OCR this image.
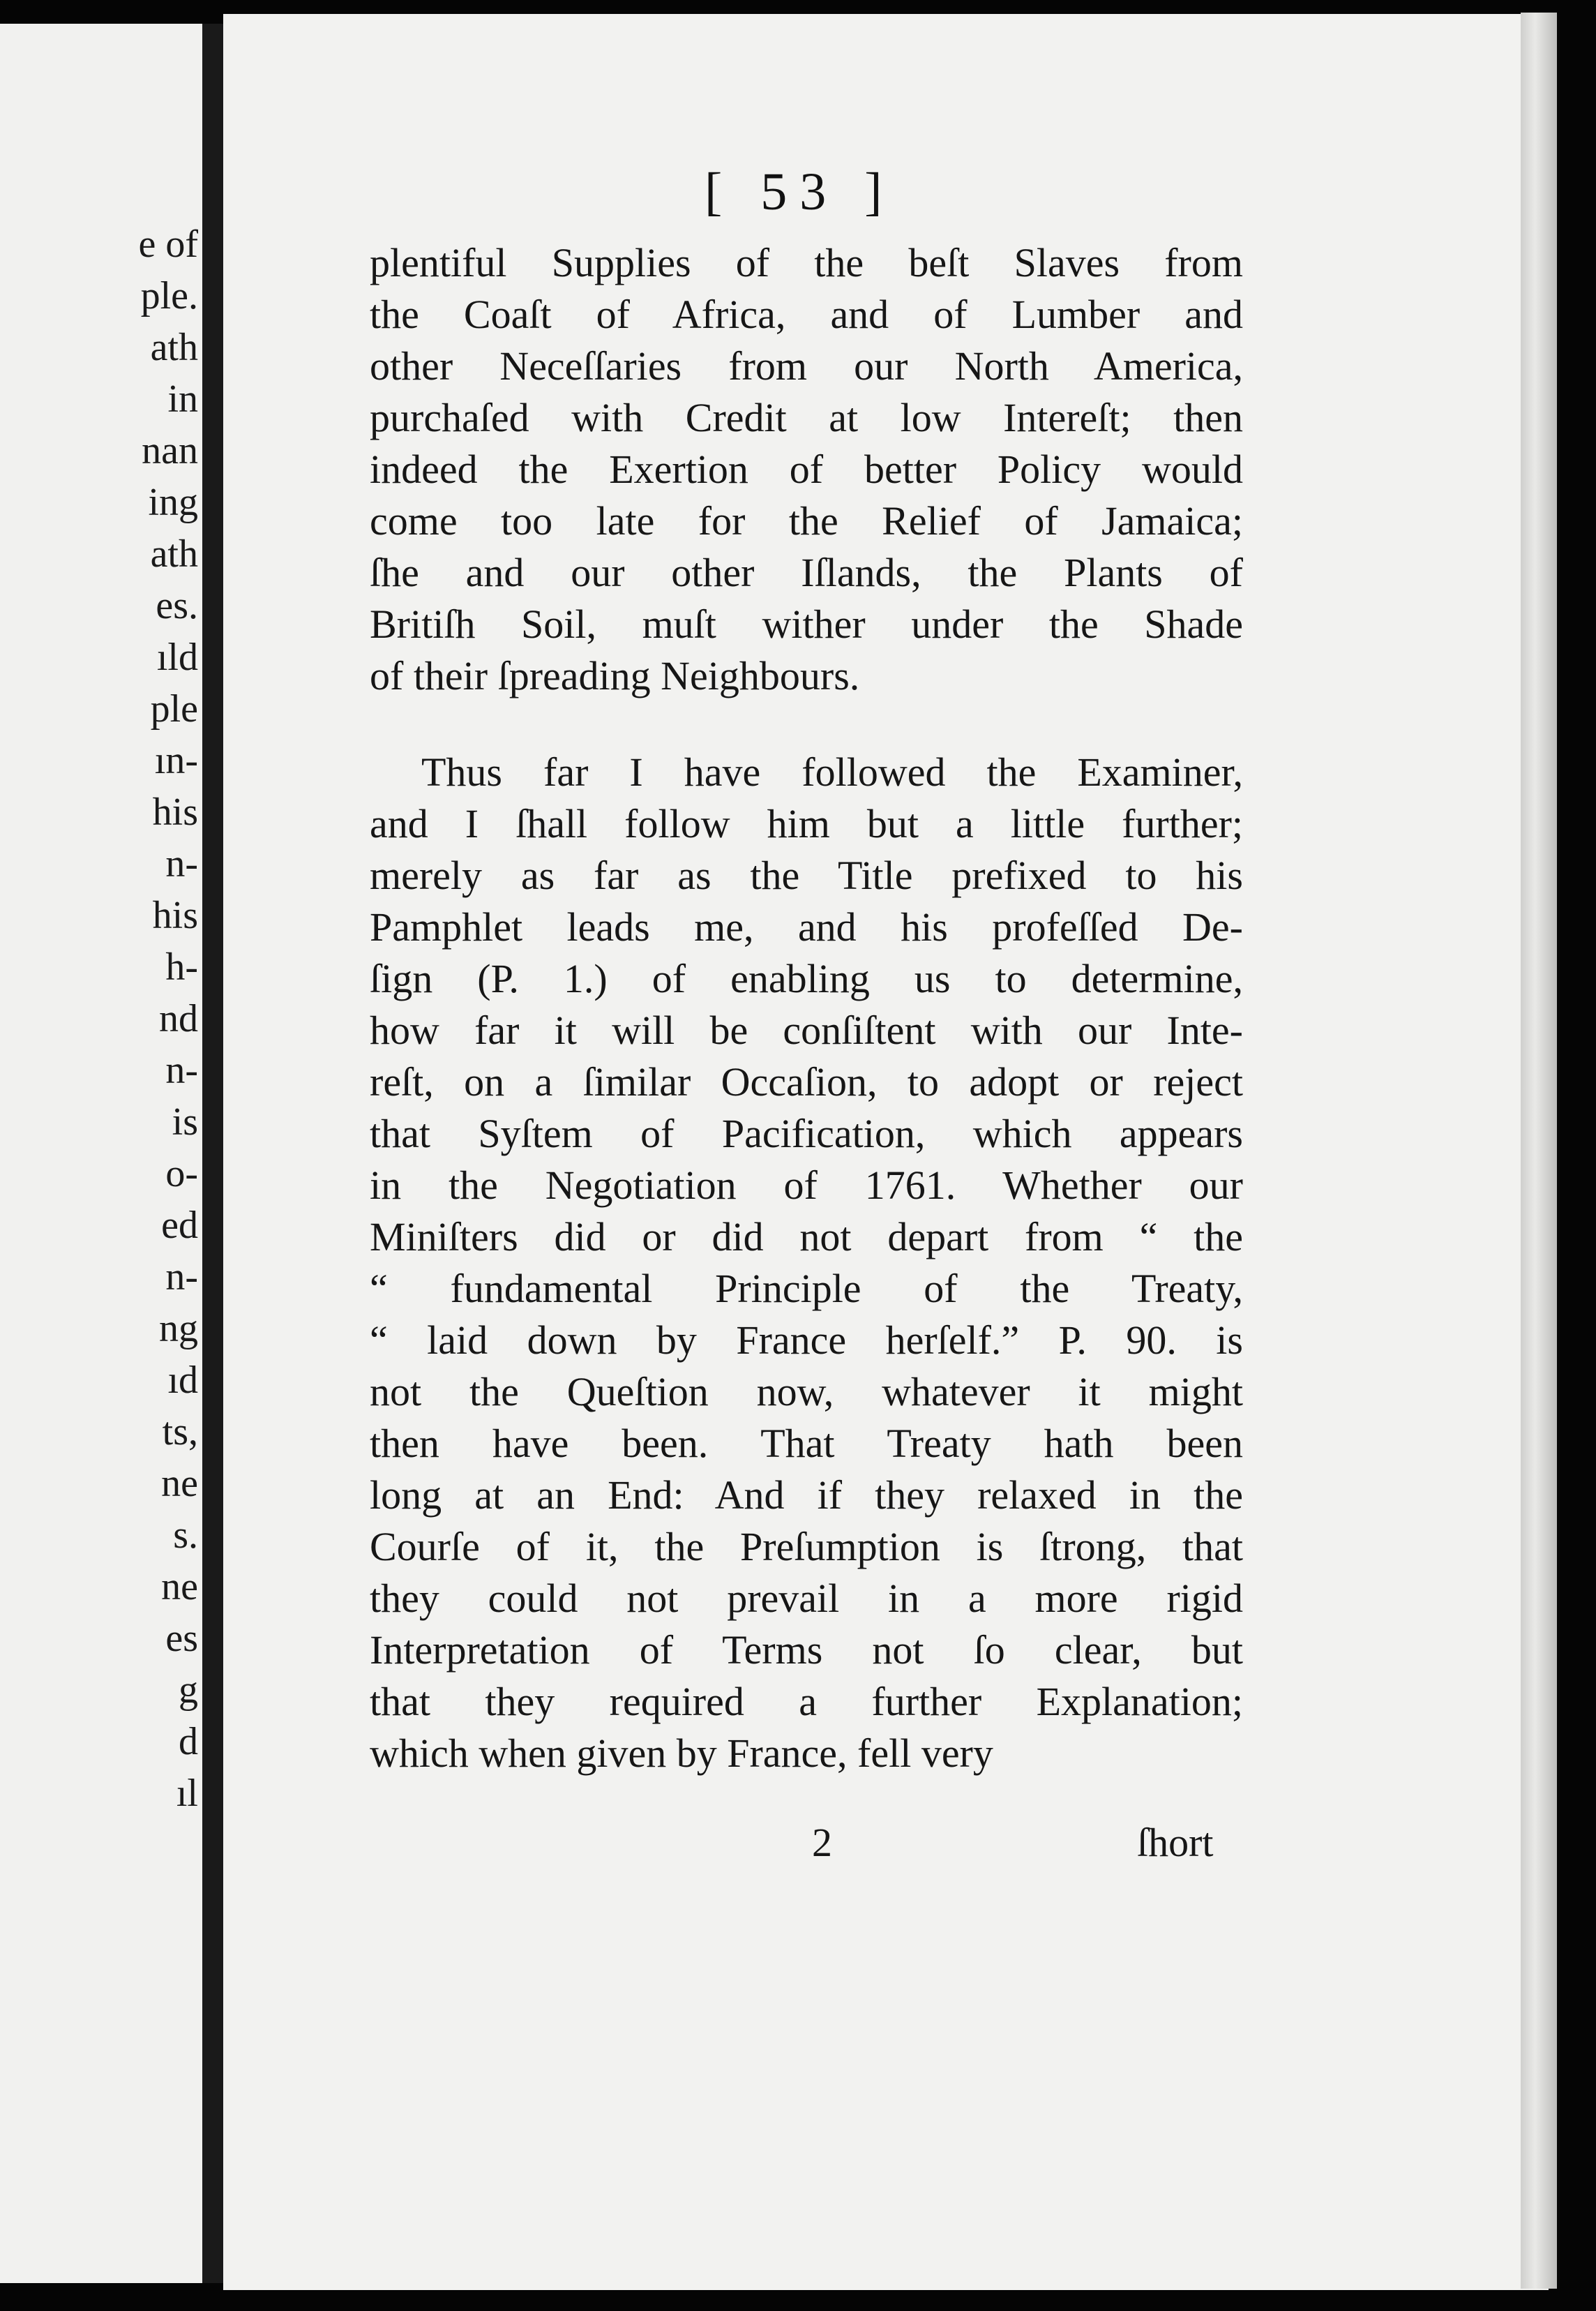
e of

ple.

ath

in

nan

ing

ath

es.

ıld

ple

ın-

his

n-

his

h-

nd

n-

is

o-

ed

n-

ng

ıd

ts,

ne

s.

ne

es

g

d

ıl

[ 53 ]

plentiful Supplies of the beſt Slaves from
the Coaſt of Africa, and of Lumber and
other Neceſſaries from our North America,
purchaſed with Credit at low Intereſt; then
indeed the Exertion of better Policy would
come too late for the Relief of Jamaica;
ſhe and our other Iſlands, the Plants of
Britiſh Soil, muſt wither under the Shade
of their ſpreading Neighbours.
Thus far I have followed the Examiner,
and I ſhall follow him but a little further;
merely as far as the Title prefixed to his
Pamphlet leads me, and his profeſſed De-
ſign (P. 1.) of enabling us to determine,
how far it will be conſiſtent with our Inte-
reſt, on a ſimilar Occaſion, to adopt or reject
that Syſtem of Pacification, which appears
in the Negotiation of 1761. Whether our
Miniſters did or did not depart from “ the
“ fundamental Principle of the Treaty,
“ laid down by France herſelf.” P. 90. is
not the Queſtion now, whatever it might
then have been. That Treaty hath been
long at an End: And if they relaxed in the
Courſe of it, the Preſumption is ſtrong, that
they could not prevail in a more rigid
Interpretation of Terms not ſo clear, but
that they required a further Explanation;
which when given by France, fell very

2	ſhort
